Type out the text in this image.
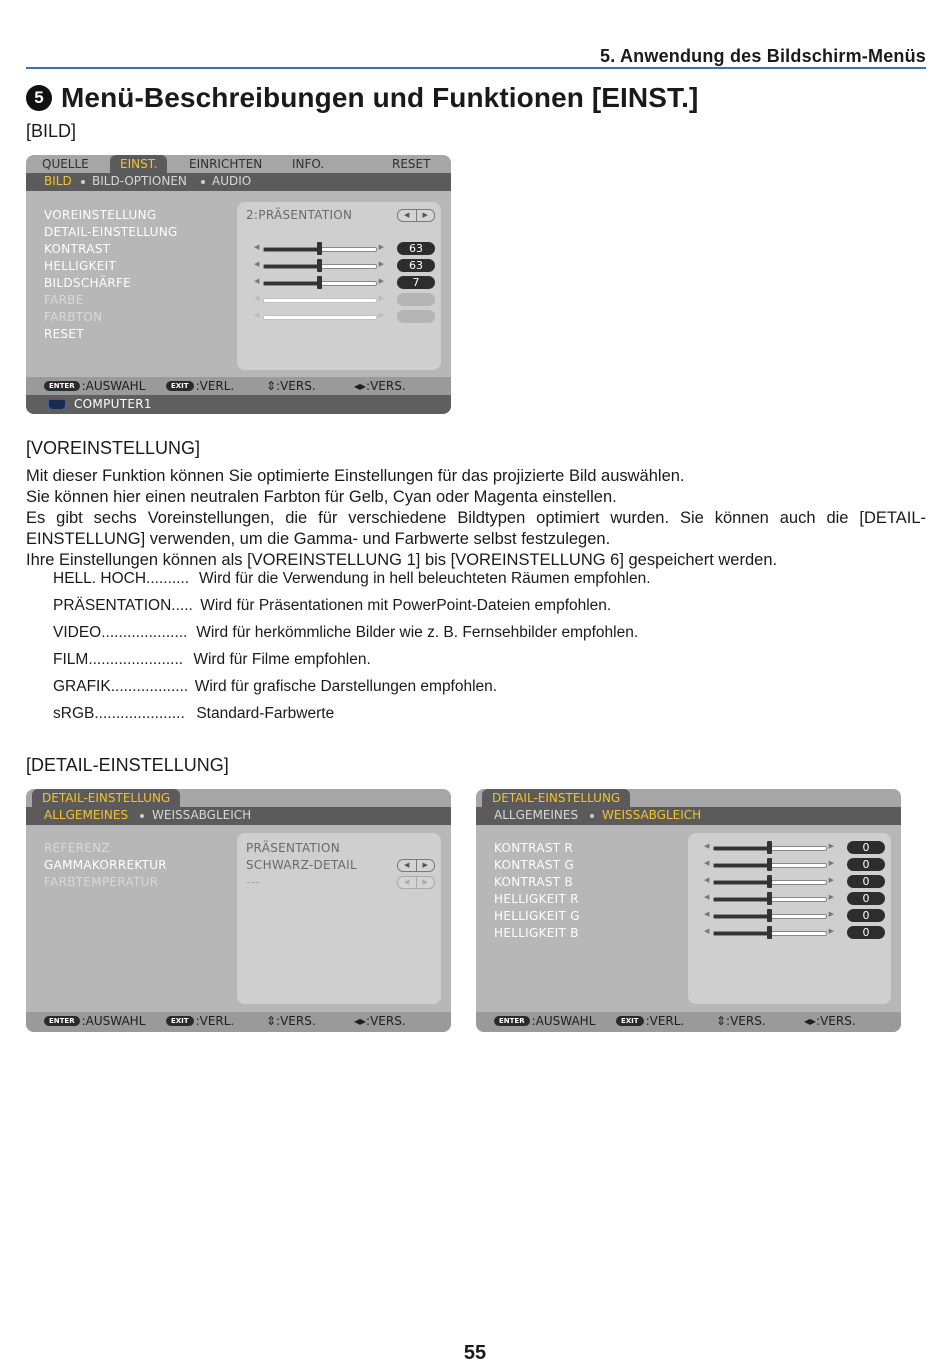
5. Anwendung des Bildschirm-Menüs
5 Menü-Beschreibungen und Funktionen [EINST.]
[BILD]
QUELLE	EINST.	EINRICHTEN INFO.	RESET
BILD BILD-OPTIONEN AUDIO
VOREINSTELLUNG	2:PRÄSENTATION	◀	▶
DETAIL-EINSTELLUNG
KONTRAST	◀	▶	63
HELLIGKEIT	◀	▶	63
BILDSCHÄRFE	◀	▶	7
FARBE	◀	▶
FARBTON	◀	▶
RESET
ENTER :AUSWAHL	EXIT :VERL.	⇕:VERS.	◂▸:VERS.
COMPUTER1
[VOREINSTELLUNG]

Mit dieser Funktion können Sie optimierte Einstellungen für das projizierte Bild auswählen.

Sie können hier einen neutralen Farbton für Gelb, Cyan oder Magenta einstellen.

Es gibt sechs Voreinstellungen, die für verschiedene Bildtypen optimiert wurden. Sie können auch die [DETAIL-EINSTELLUNG] verwenden, um die Gamma- und Farbwerte selbst festzulegen.

Ihre Einstellungen können als [VOREINSTELLUNG 1] bis [VOREINSTELLUNG 6] gespeichert werden.

HELL. HOCH .......... Wird für die Verwendung in hell beleuchteten Räumen empfohlen.
PRÄSENTATION ..... Wird für Präsentationen mit PowerPoint-Dateien empfohlen.
VIDEO .................... Wird für herkömmliche Bilder wie z. B. Fernsehbilder empfohlen.
FILM ...................... Wird für Filme empfohlen.
GRAFIK .................. Wird für grafische Darstellungen empfohlen.
sRGB ..................... Standard-Farbwerte
[DETAIL-EINSTELLUNG]
DETAIL-EINSTELLUNG
ALLGEMEINES WEISSABGLEICH
REFERENZ	PRÄSENTATION
GAMMAKORREKTUR	SCHWARZ-DETAIL	◀	▶
FARBTEMPERATUR	---	◀	▶
ENTER :AUSWAHL	EXIT :VERL.	⇕:VERS.	◂▸:VERS.
DETAIL-EINSTELLUNG
ALLGEMEINES WEISSABGLEICH
KONTRAST R	◀	▶	0
KONTRAST G	◀	▶	0
KONTRAST B	◀	▶	0
HELLIGKEIT R	◀	▶	0
HELLIGKEIT G	◀	▶	0
HELLIGKEIT B	◀	▶	0
ENTER :AUSWAHL	EXIT :VERL.	⇕:VERS.	◂▸:VERS.
55
